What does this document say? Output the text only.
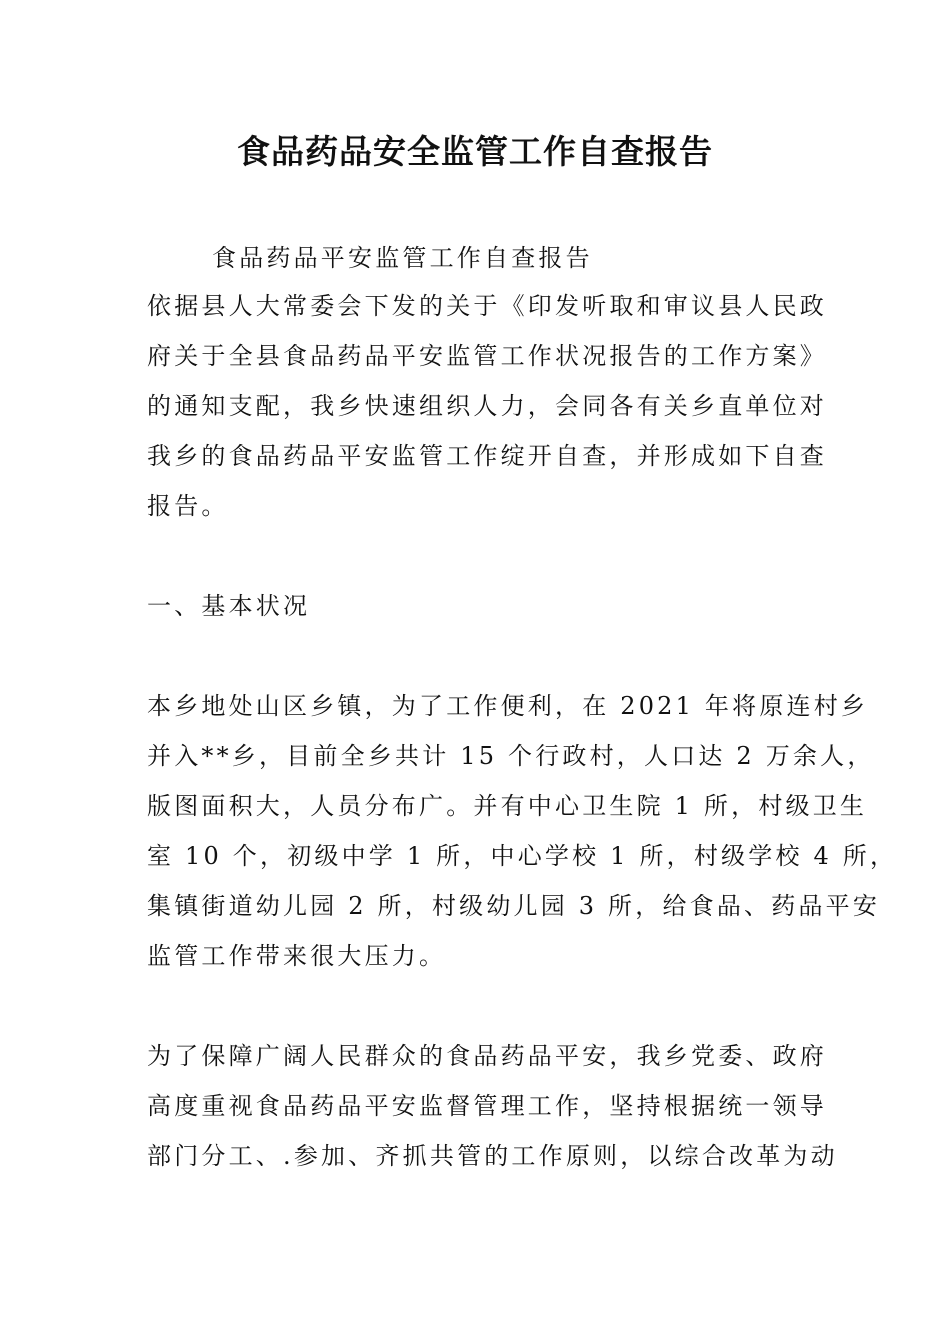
食品药品安全监管工作自查报告

食品药品平安监管工作自查报告

依据县人大常委会下发的关于《印发听取和审议县人民政

府关于全县食品药品平安监管工作状况报告的工作方案》

的通知支配，我乡快速组织人力，会同各有关乡直单位对

我乡的食品药品平安监管工作绽开自查，并形成如下自查

报告。

一、基本状况

本乡地处山区乡镇，为了工作便利，在 2021 年将原连村乡

并入**乡，目前全乡共计 15 个行政村，人口达 2 万余人，

版图面积大，人员分布广。并有中心卫生院 1 所，村级卫生

室 10 个，初级中学 1 所，中心学校 1 所，村级学校 4 所，

集镇街道幼儿园 2 所，村级幼儿园 3 所，给食品、药品平安

监管工作带来很大压力。

为了保障广阔人民群众的食品药品平安，我乡党委、政府

高度重视食品药品平安监督管理工作，坚持根据统一领导

部门分工、.参加、齐抓共管的工作原则，以综合改革为动
